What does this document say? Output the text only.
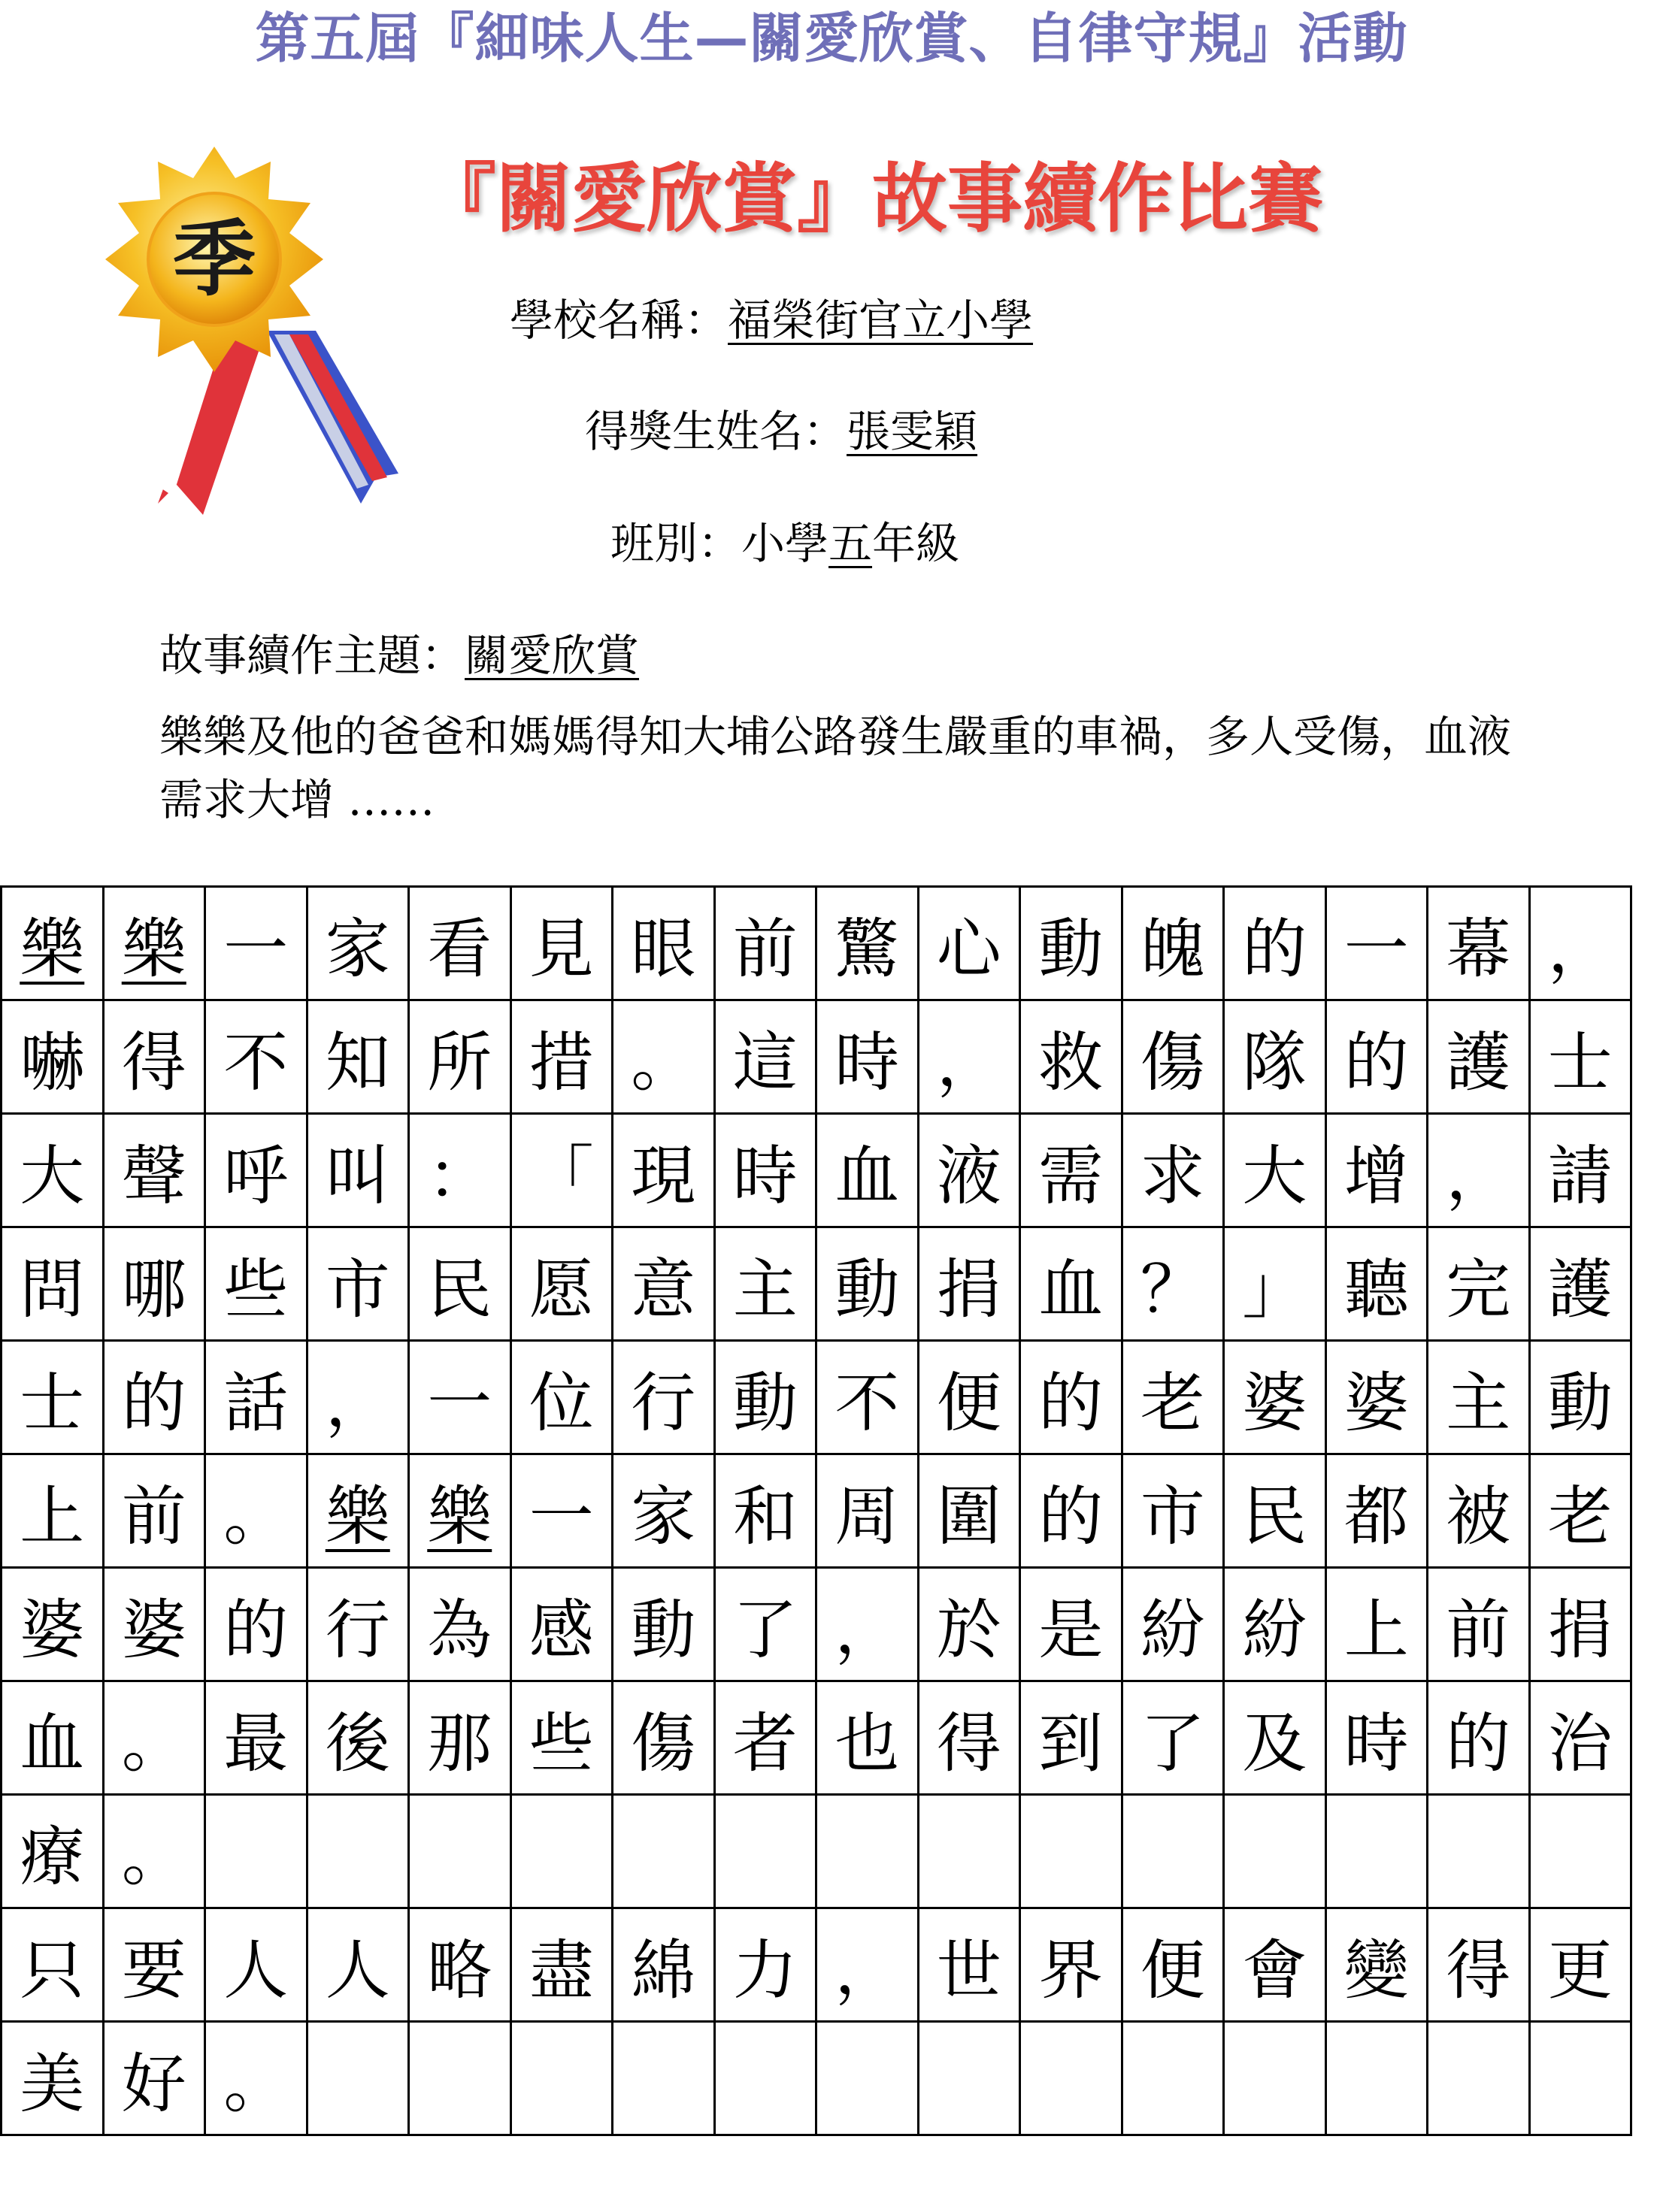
第五屆『細味人生—關愛欣賞、自律守規』活動
季
『關愛欣賞』故事續作比賽
學校名稱：福榮街官立小學
得獎生姓名：張雯穎
班別：小學五年級
故事續作主題：關愛欣賞
樂樂及他的爸爸和媽媽得知大埔公路發生嚴重的車禍，多人受傷，血液需求大增 ……
樂 樂 一 家 看 見 眼 前 驚 心 動 魄 的 一 幕 ，
嚇 得 不 知 所 措 。 這 時 ， 救 傷 隊 的 護 士
大 聲 呼 叫 ： 「 現 時 血 液 需 求 大 增 ， 請
問 哪 些 市 民 愿 意 主 動 捐 血 ？ 」 聽 完 護
士 的 話 ， 一 位 行 動 不 便 的 老 婆 婆 主 動
上 前 。 樂 樂 一 家 和 周 圍 的 市 民 都 被 老
婆 婆 的 行 為 感 動 了 ， 於 是 紛 紛 上 前 捐
血 。 最 後 那 些 傷 者 也 得 到 了 及 時 的 治
療 。
只 要 人 人 略 盡 綿 力 ， 世 界 便 會 變 得 更
美 好 。
